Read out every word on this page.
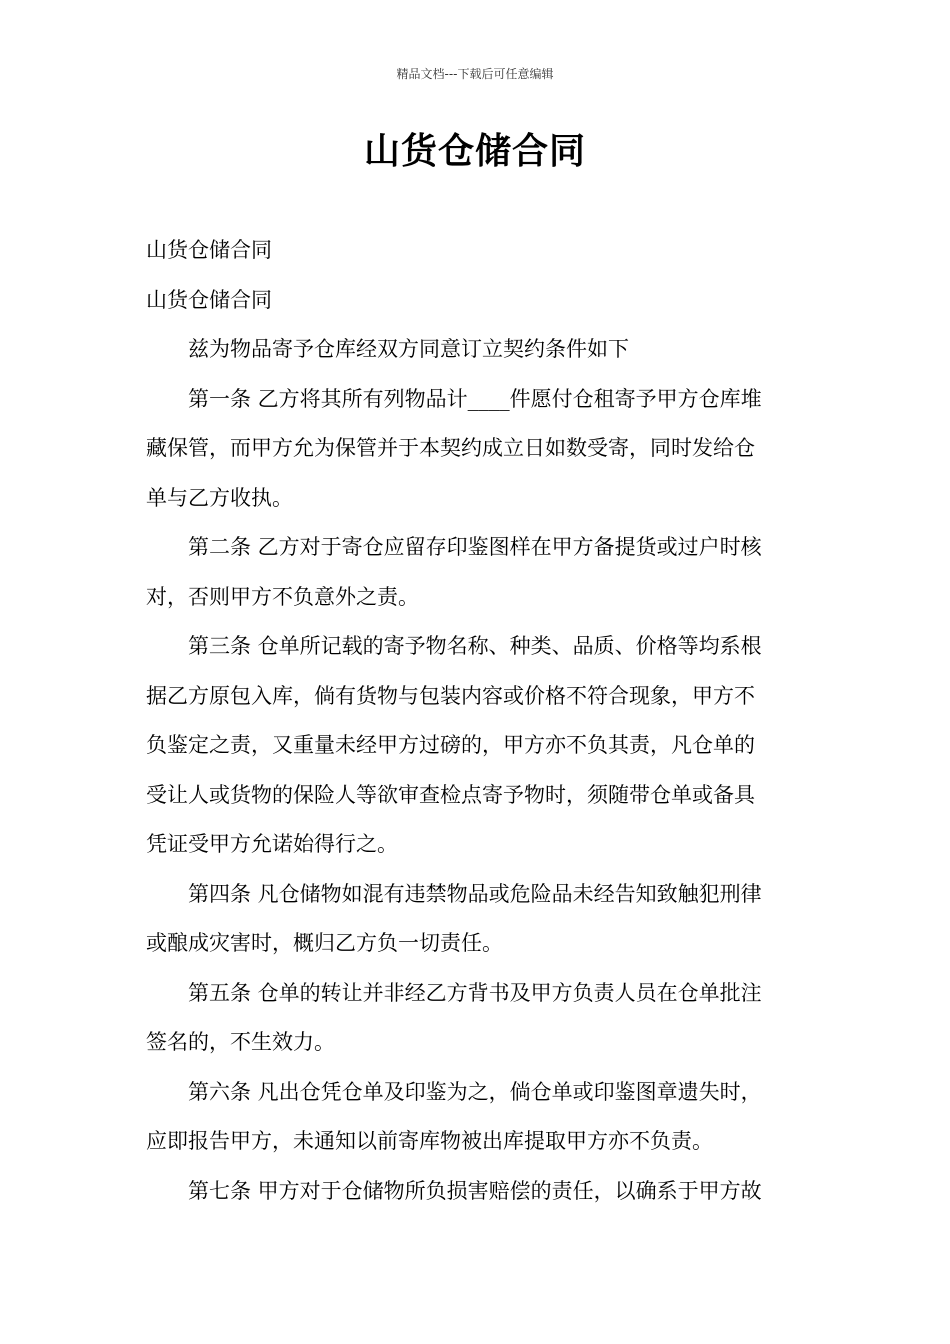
精品文档---下载后可任意编辑
山货仓储合同
山货仓储合同
山货仓储合同
兹为物品寄予仓库经双方同意订立契约条件如下
第一条 乙方将其所有列物品计____件愿付仓租寄予甲方仓库堆
藏保管，而甲方允为保管并于本契约成立日如数受寄，同时发给仓
单与乙方收执。
第二条 乙方对于寄仓应留存印鉴图样在甲方备提货或过户时核
对，否则甲方不负意外之责。
第三条 仓单所记载的寄予物名称、种类、品质、价格等均系根
据乙方原包入库，倘有货物与包装内容或价格不符合现象，甲方不
负鉴定之责，又重量未经甲方过磅的，甲方亦不负其责，凡仓单的
受让人或货物的保险人等欲审查检点寄予物时，须随带仓单或备具
凭证受甲方允诺始得行之。
第四条 凡仓储物如混有违禁物品或危险品未经告知致触犯刑律
或酿成灾害时，概归乙方负一切责任。
第五条 仓单的转让并非经乙方背书及甲方负责人员在仓单批注
签名的，不生效力。
第六条 凡出仓凭仓单及印鉴为之，倘仓单或印鉴图章遗失时，
应即报告甲方，未通知以前寄库物被出库提取甲方亦不负责。
第七条 甲方对于仓储物所负损害赔偿的责任，以确系于甲方故
